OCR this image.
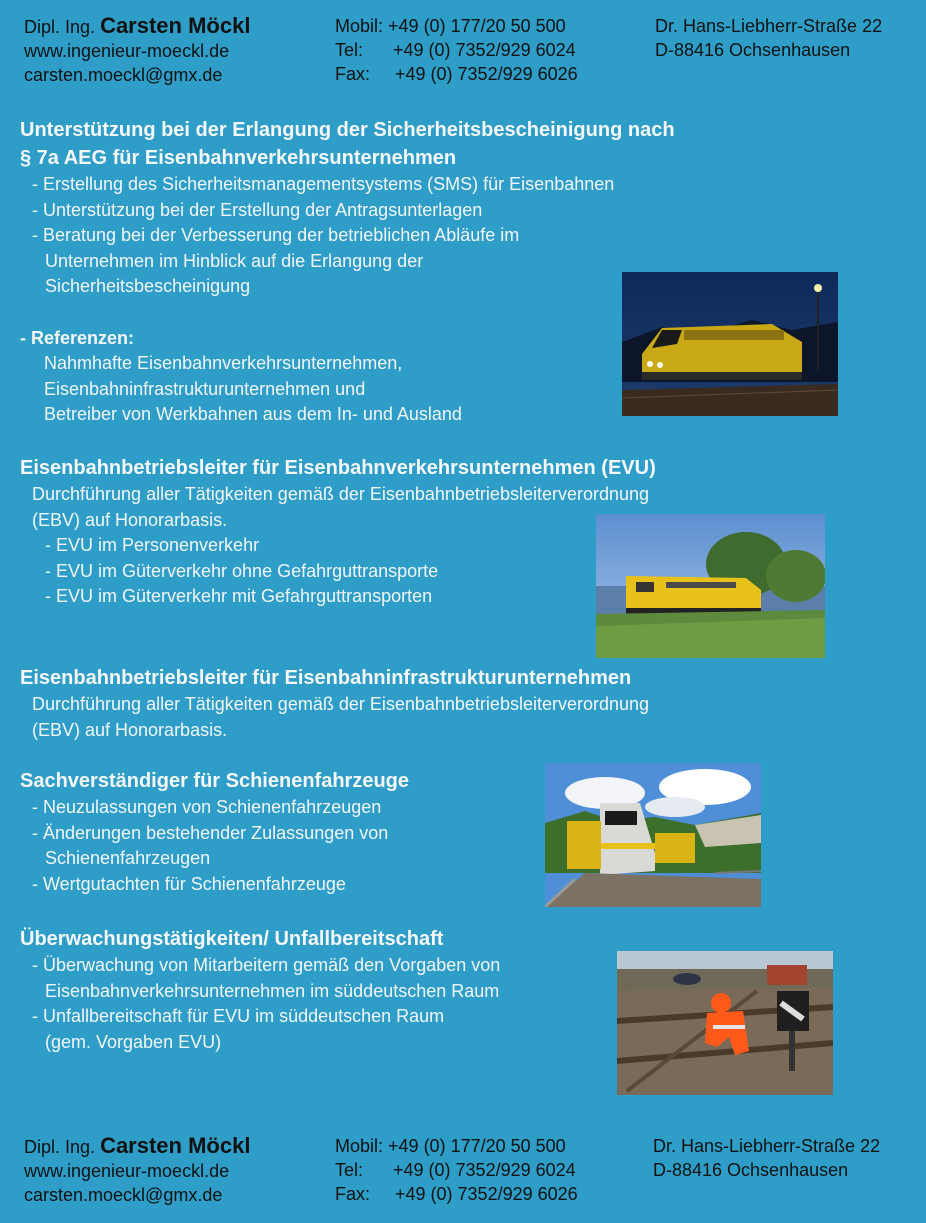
Dipl. Ing. Carsten Möckl
www.ingenieur-moeckl.de
carsten.moeckl@gmx.de
Mobil:
+49 (0) 177/20 50 500
Tel:	+49 (0) 7352/929 6024
Fax:	+49 (0) 7352/929 6026
Dr. Hans-Liebherr-Straße 22
D-88416 Ochsenhausen
Unterstützung bei der Erlangung der Sicherheitsbescheinigung nach
§ 7a AEG für Eisenbahnverkehrsunternehmen
- Erstellung des Sicherheitsmanagementsystems (SMS) für Eisenbahnen
- Unterstützung bei der Erstellung der Antragsunterlagen
- Beratung bei der Verbesserung der betrieblichen Abläufe im
Unternehmen im Hinblick auf die Erlangung der
Sicherheitsbescheinigung
- Referenzen:
Nahmhafte Eisenbahnverkehrsunternehmen,
Eisenbahninfrastrukturunternehmen und
Betreiber von Werkbahnen aus dem In- und Ausland
Eisenbahnbetriebsleiter für Eisenbahnverkehrsunternehmen (EVU)
Durchführung aller Tätigkeiten gemäß der Eisenbahnbetriebsleiterverordnung
(EBV) auf Honorarbasis.
- EVU im Personenverkehr
- EVU im Güterverkehr ohne Gefahrguttransporte
- EVU im Güterverkehr mit Gefahrguttransporten
Eisenbahnbetriebsleiter für Eisenbahninfrastrukturunternehmen
Durchführung aller Tätigkeiten gemäß der Eisenbahnbetriebsleiterverordnung
(EBV) auf Honorarbasis.
Sachverständiger für Schienenfahrzeuge
- Neuzulassungen von Schienenfahrzeugen
- Änderungen bestehender Zulassungen von
Schienenfahrzeugen
- Wertgutachten für Schienenfahrzeuge
Überwachungstätigkeiten/ Unfallbereitschaft
- Überwachung von Mitarbeitern gemäß den Vorgaben von
Eisenbahnverkehrsunternehmen im süddeutschen Raum
- Unfallbereitschaft für EVU im süddeutschen Raum
(gem. Vorgaben EVU)
Dipl. Ing. Carsten Möckl
www.ingenieur-moeckl.de
carsten.moeckl@gmx.de
Mobil:
+49 (0) 177/20 50 500
Tel:	+49 (0) 7352/929 6024
Fax:	+49 (0) 7352/929 6026
Dr. Hans-Liebherr-Straße 22
D-88416 Ochsenhausen
